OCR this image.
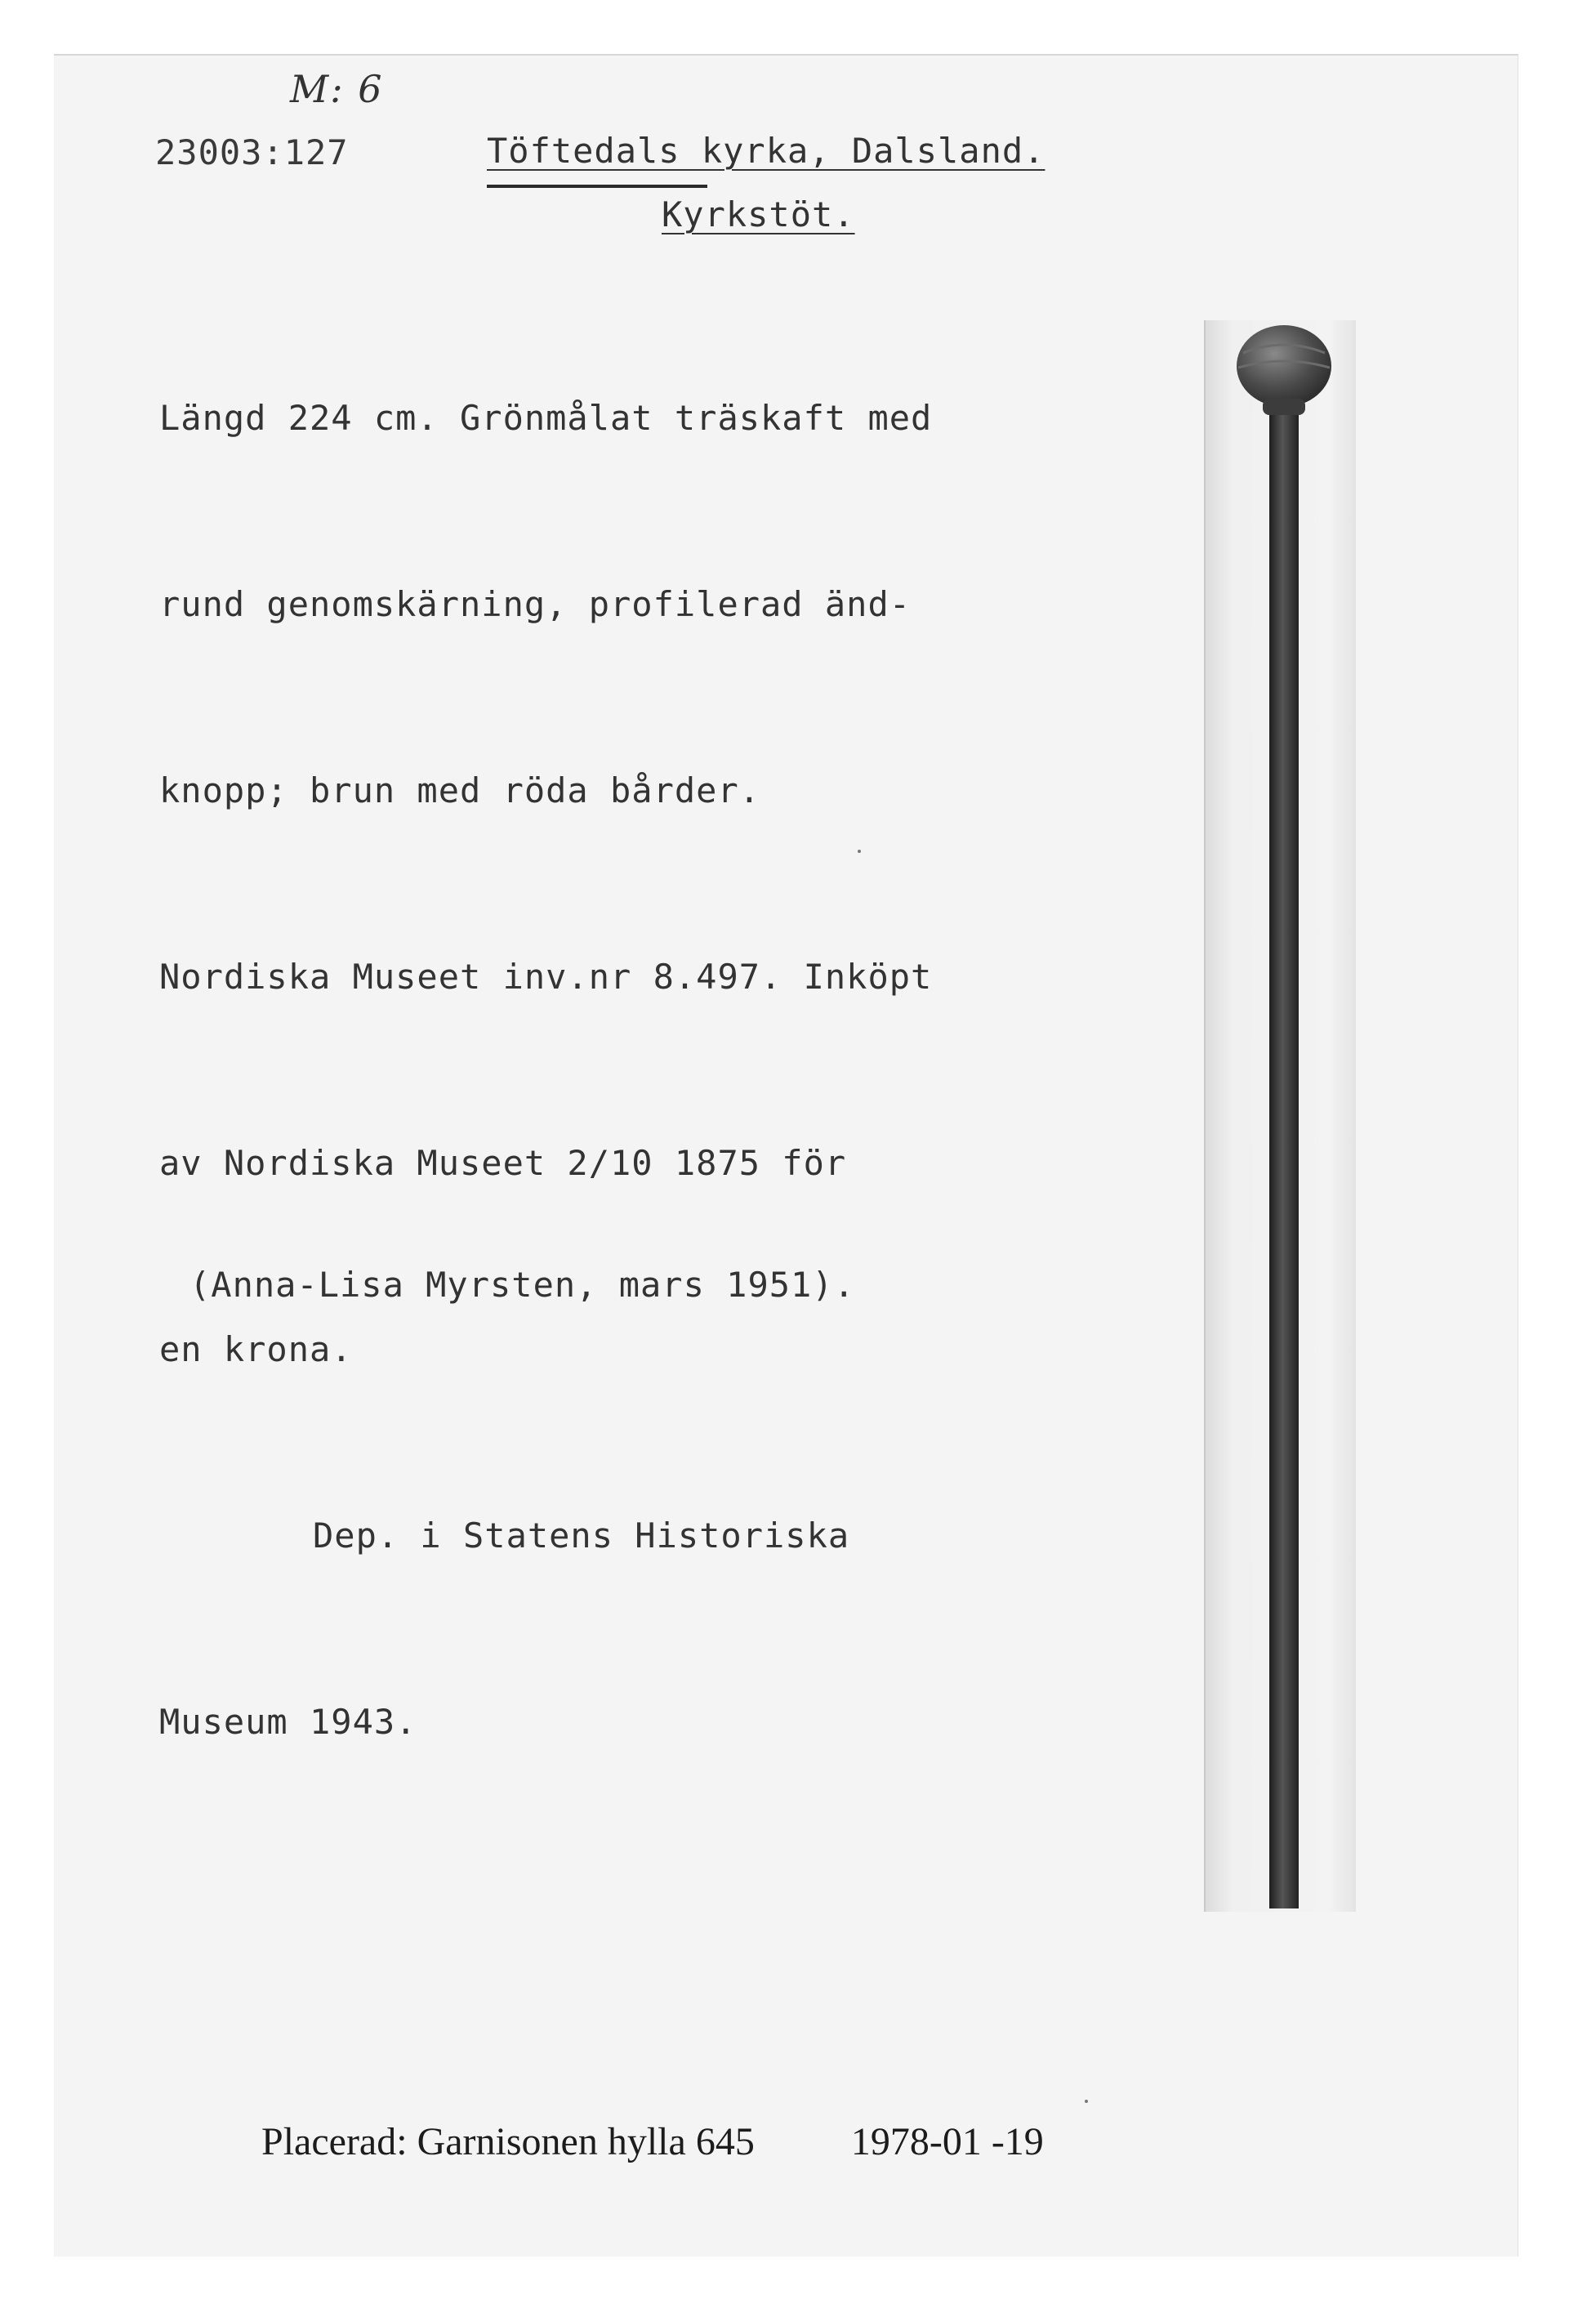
M: 6
23003:127	Töftedals kyrka, Dalsland.
Kyrkstöt.

Längd 224 cm. Grönmålat träskaft med

rund genomskärning, profilerad änd-

knopp; brun med röda bårder.

Nordiska Museet inv.nr 8.497. Inköpt

av Nordiska Museet 2/10 1875 för

en krona.

Dep. i Statens Historiska

Museum 1943.

(Anna-Lisa Myrsten, mars 1951).
Placerad: Garnisonen hylla 645 1978-01 -19
